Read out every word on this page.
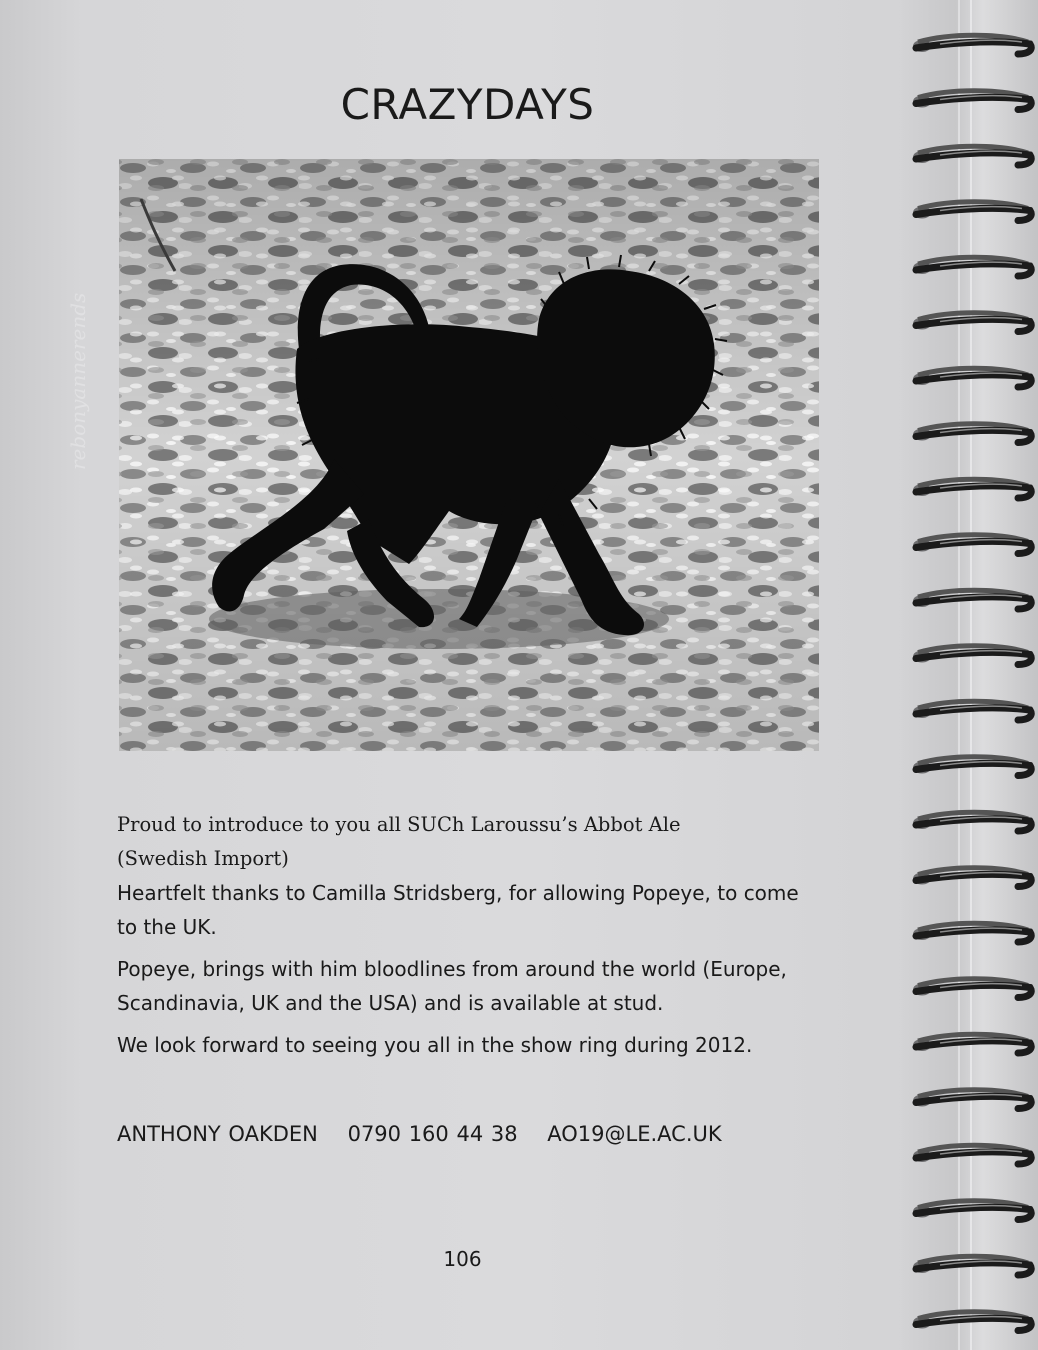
CRAZYDAYS
rebonyannerends
Proud to introduce to you all SUCh Laroussu’s Abbot Ale
(Swedish Import)
Heartfelt thanks to Camilla Stridsberg, for allowing Popeye, to come
to the UK.
Popeye, brings with him bloodlines from around the world (Europe,
Scandinavia, UK and the USA) and is available at stud.
We look forward to seeing you all in the show ring during 2012.
ANTHONY OAKDEN 0790 160 44 38 AO19@LE.AC.UK
106
